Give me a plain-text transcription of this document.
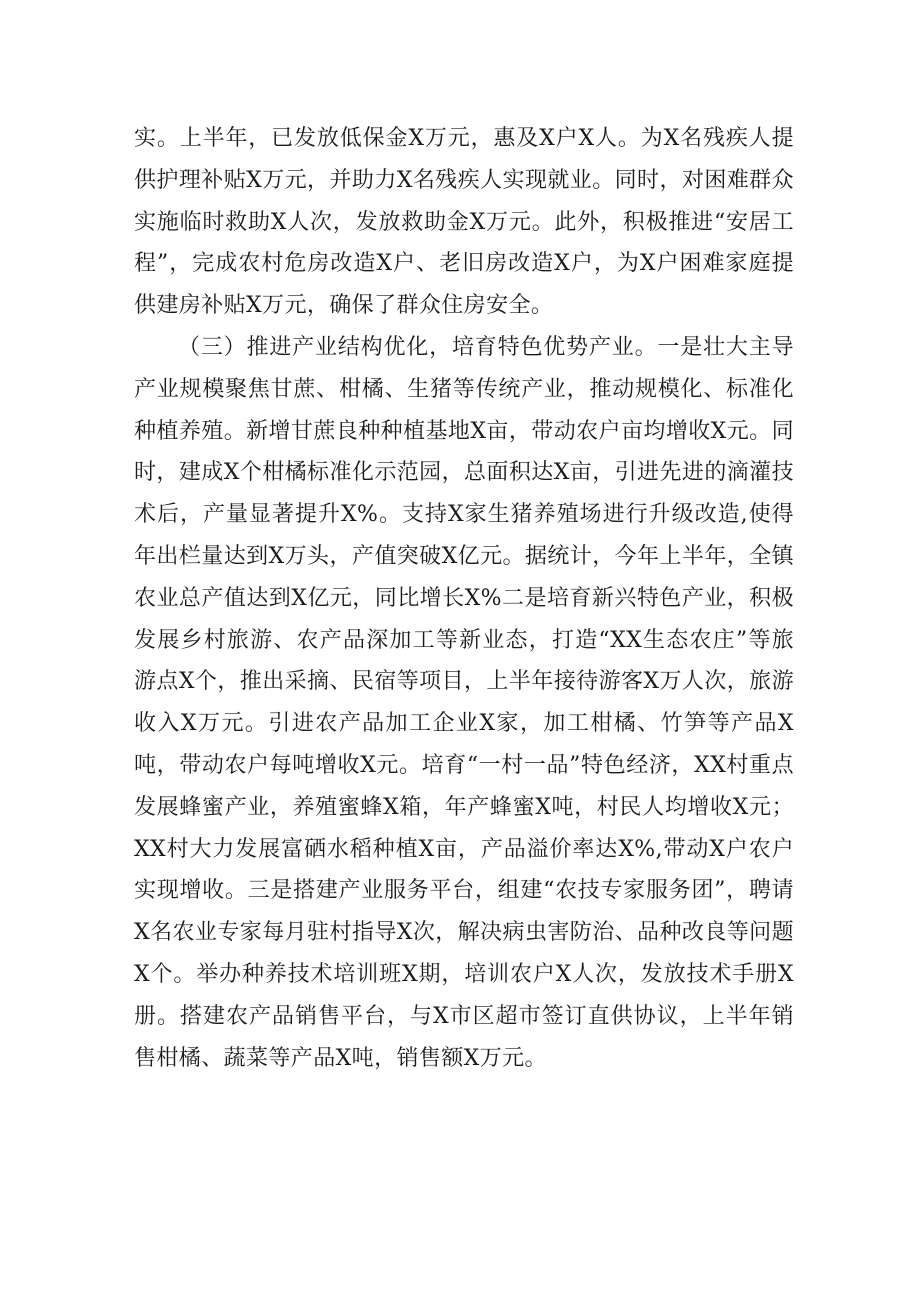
实。上半年，已发放低保金X万元，惠及X户X人。为X名残疾人提供护理补贴X万元，并助力X名残疾人实现就业。同时，对困难群众实施临时救助X人次，发放救助金X万元。此外，积极推进“安居工程”，完成农村危房改造X户、老旧房改造X户，为X户困难家庭提供建房补贴X万元，确保了群众住房安全。

（三）推进产业结构优化，培育特色优势产业。一是壮大主导产业规模聚焦甘蔗、柑橘、生猪等传统产业，推动规模化、标准化种植养殖。新增甘蔗良种种植基地X亩，带动农户亩均增收X元。同时，建成X个柑橘标准化示范园，总面积达X亩，引进先进的滴灌技术后，产量显著提升X%。支持X家生猪养殖场进行升级改造,使得年出栏量达到X万头，产值突破X亿元。据统计，今年上半年，全镇农业总产值达到X亿元，同比增长X%二是培育新兴特色产业，积极发展乡村旅游、农产品深加工等新业态，打造“XX生态农庄”等旅游点X个，推出采摘、民宿等项目，上半年接待游客X万人次，旅游收入X万元。引进农产品加工企业X家，加工柑橘、竹笋等产品X吨，带动农户每吨增收X元。培育“一村一品”特色经济，XX村重点发展蜂蜜产业，养殖蜜蜂X箱，年产蜂蜜X吨，村民人均增收X元；XX村大力发展富硒水稻种植X亩，产品溢价率达X%,带动X户农户实现增收。三是搭建产业服务平台，组建“农技专家服务团”，聘请X名农业专家每月驻村指导X次，解决病虫害防治、品种改良等问题X个。举办种养技术培训班X期，培训农户X人次，发放技术手册X册。搭建农产品销售平台，与X市区超市签订直供协议，上半年销售柑橘、蔬菜等产品X吨，销售额X万元。
